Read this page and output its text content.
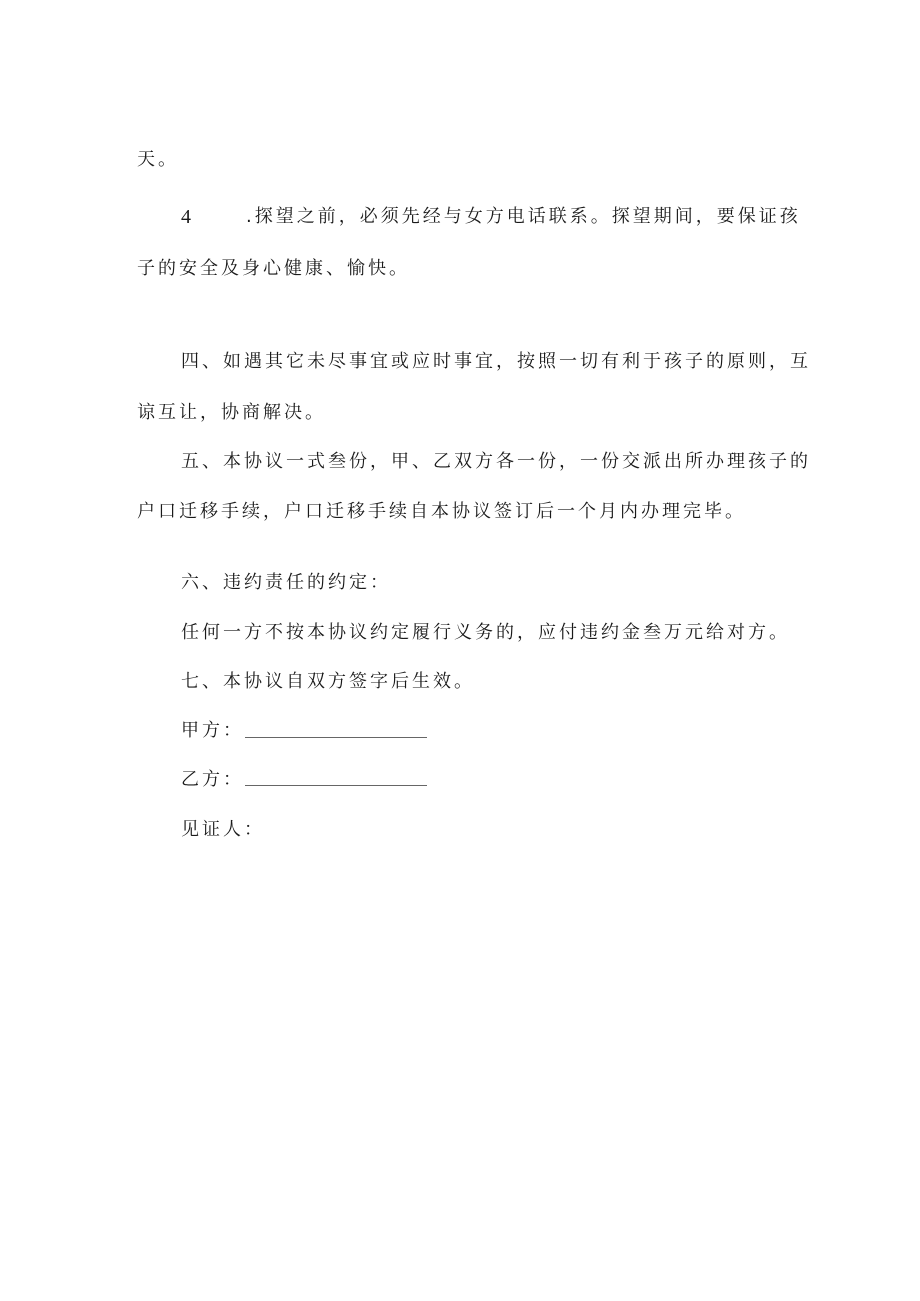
天。
4	.探望之前，必须先经与女方电话联系。探望期间，要保证孩
子的安全及身心健康、愉快。
四、如遇其它未尽事宜或应时事宜，按照一切有利于孩子的原则，互
谅互让，协商解决。
五、本协议一式叁份，甲、乙双方各一份，一份交派出所办理孩子的
户口迁移手续，户口迁移手续自本协议签订后一个月内办理完毕。
六、违约责任的约定：
任何一方不按本协议约定履行义务的，应付违约金叁万元给对方。
七、本协议自双方签字后生效。
甲方：
乙方：
见证人：
